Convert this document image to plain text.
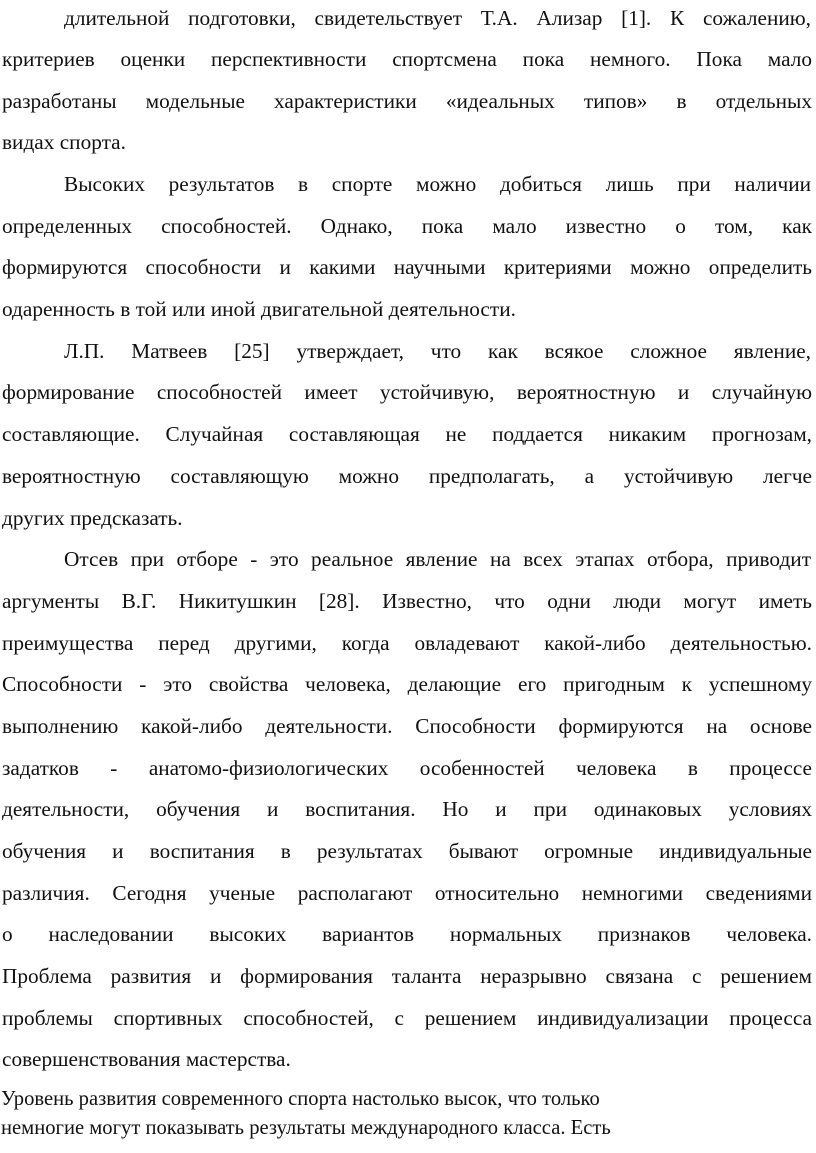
длительной подготовки, свидетельствует Т.А. Ализар [1]. К сожалению,
критериев оценки перспективности спортсмена пока немного. Пока мало
разработаны модельные характеристики «идеальных типов» в отдельных
видах спорта.
Высоких результатов в спорте можно добиться лишь при наличии
определенных способностей. Однако, пока мало известно о том, как
формируются способности и какими научными критериями можно определить
одаренность в той или иной двигательной деятельности.
Л.П. Матвеев [25] утверждает, что как всякое сложное явление,
формирование способностей имеет устойчивую, вероятностную и случайную
составляющие. Случайная составляющая не поддается никаким прогнозам,
вероятностную составляющую можно предполагать, а устойчивую легче
других предсказать.
Отсев при отборе - это реальное явление на всех этапах отбора, приводит
аргументы В.Г. Никитушкин [28]. Известно, что одни люди могут иметь
преимущества перед другими, когда овладевают какой-либо деятельностью.
Способности - это свойства человека, делающие его пригодным к успешному
выполнению какой-либо деятельности. Способности формируются на основе
задатков - анатомо-физиологических особенностей человека в процессе
деятельности, обучения и воспитания. Но и при одинаковых условиях
обучения и воспитания в результатах бывают огромные индивидуальные
различия. Сегодня ученые располагают относительно немногими сведениями
о наследовании высоких вариантов нормальных признаков человека.
Проблема развития и формирования таланта неразрывно связана с решением
проблемы спортивных способностей, с решением индивидуализации процесса
совершенствования мастерства.
Уровень развития современного спорта настолько высок, что только
немногие могут показывать результаты международного класса. Есть
